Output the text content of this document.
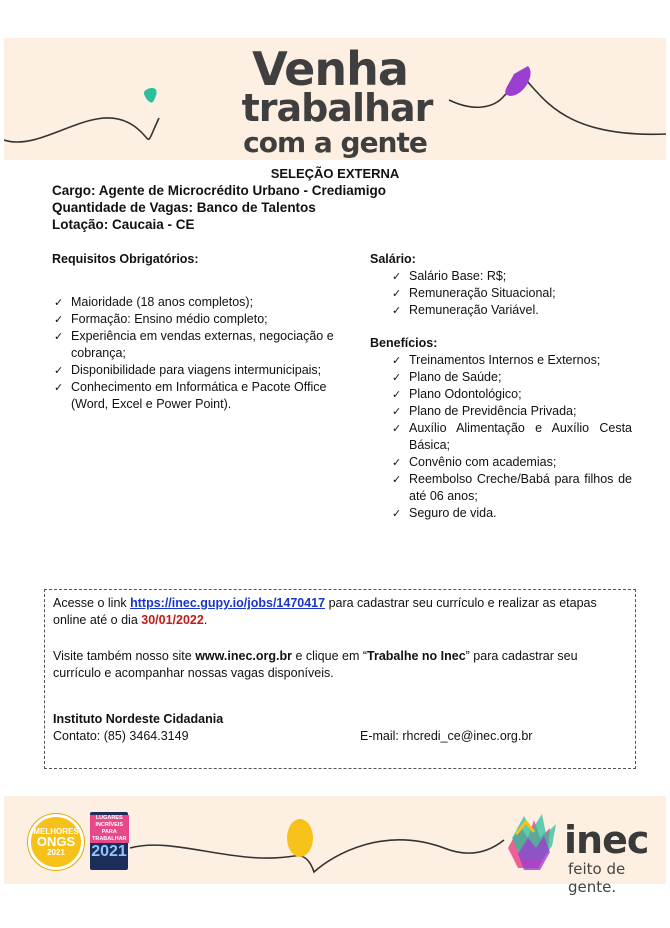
Venha
trabalhar
com a gente
SELEÇÃO EXTERNA
Cargo: Agente de Microcrédito Urbano - Crediamigo
Quantidade de Vagas: Banco de Talentos
Lotação: Caucaia - CE
Requisitos Obrigatórios:
✓ Maioridade (18 anos completos);
✓ Formação: Ensino médio completo;
✓ Experiência em vendas externas, negociação e cobrança;
✓ Disponibilidade para viagens intermunicipais;
✓ Conhecimento em Informática e Pacote Office (Word, Excel e Power Point).
Salário:
✓ Salário Base: R$;
✓ Remuneração Situacional;
✓ Remuneração Variável.
Benefícios:
✓ Treinamentos Internos e Externos;
✓ Plano de Saúde;
✓ Plano Odontológico;
✓ Plano de Previdência Privada;
✓ Auxílio Alimentação e Auxílio Cesta Básica;
✓ Convênio com academias;
✓ Reembolso Creche/Babá para filhos de até 06 anos;
✓ Seguro de vida.

Acesse o link https://inec.gupy.io/jobs/1470417 para cadastrar seu currículo e realizar as etapas online até o dia 30/01/2022.

Visite também nosso site www.inec.org.br e clique em “Trabalhe no Inec” para cadastrar seu currículo e acompanhar nossas vagas disponíveis.

Instituto Nordeste Cidadania

Contato: (85) 3464.3149	E-mail: rhcredi_ce@inec.org.br

MELHORES
ONGS
2021
LUGARES INCRÍVEIS PARA TRABALHAR
2021	inec
feito de gente.
